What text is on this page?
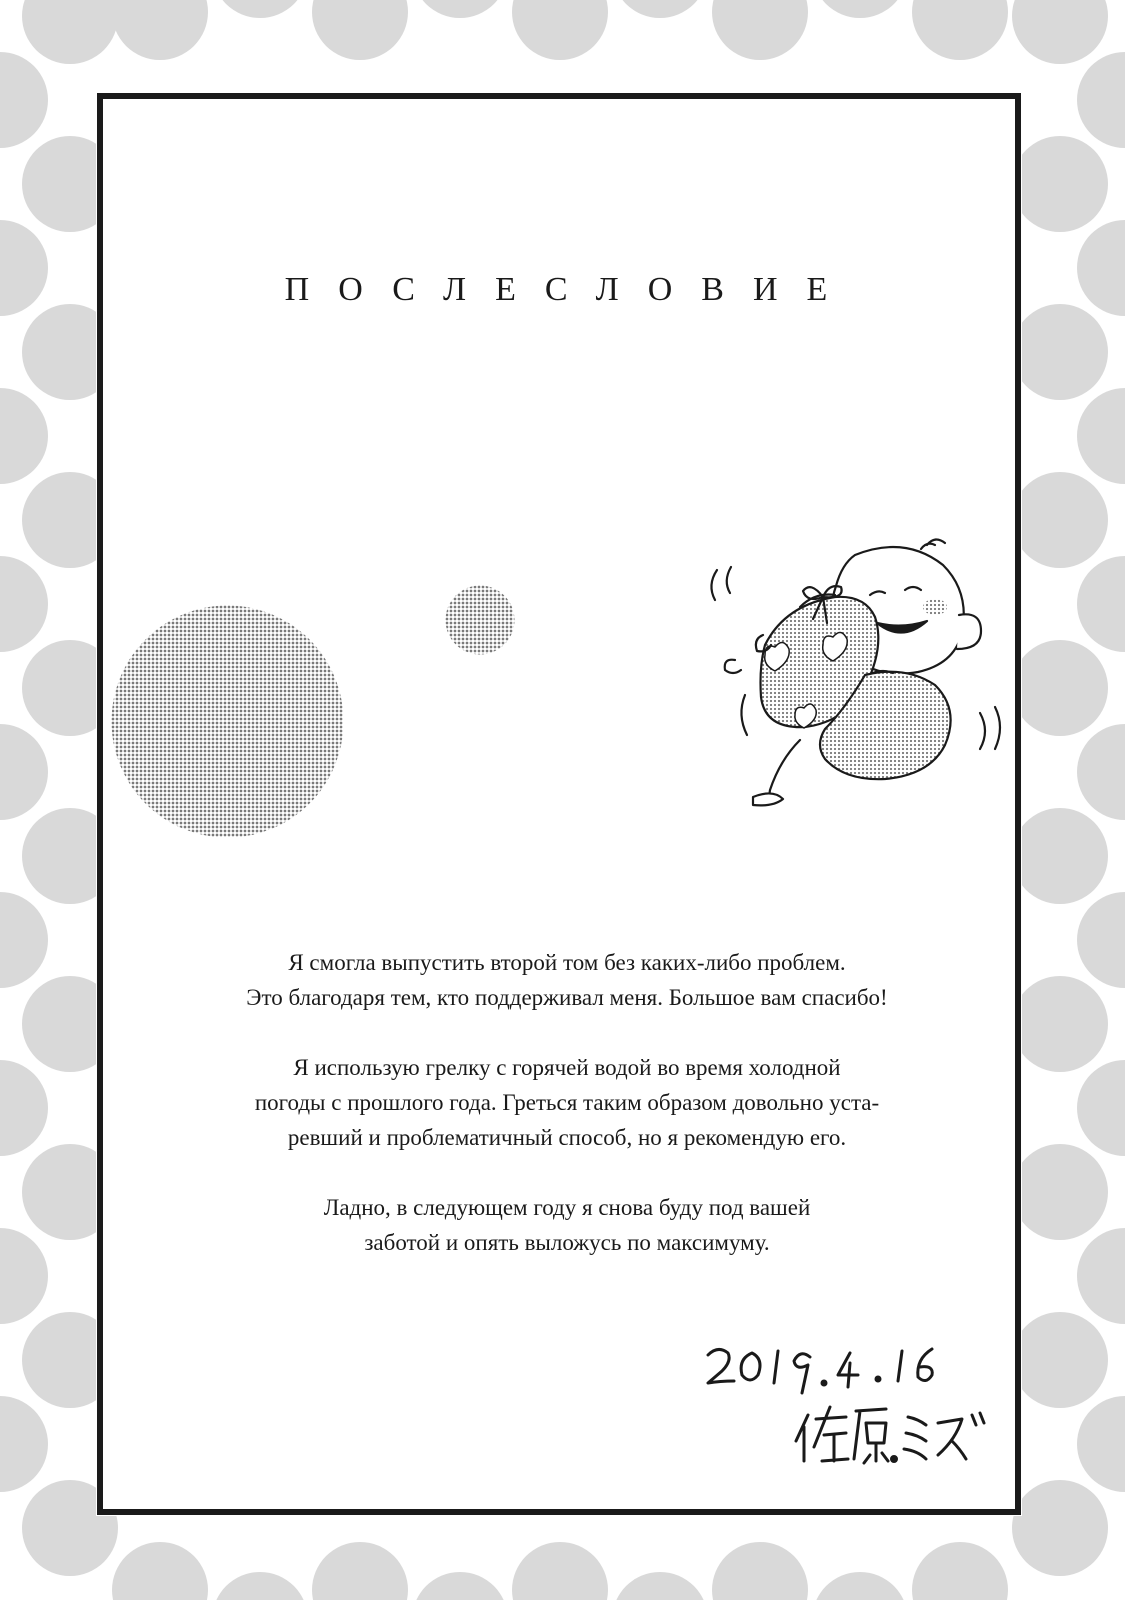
ПОСЛЕСЛОВИЕ

Я смогла выпустить второй том без каких-либо проблем.
Это благодаря тем, кто поддерживал меня. Большое вам спасибо!

Я использую грелку с горячей водой во время холодной
погоды с прошлого года. Греться таким образом довольно уста-
ревший и проблематичный способ, но я рекомендую его.

Ладно, в следующем году я снова буду под вашей
заботой и опять выложусь по максимуму.
